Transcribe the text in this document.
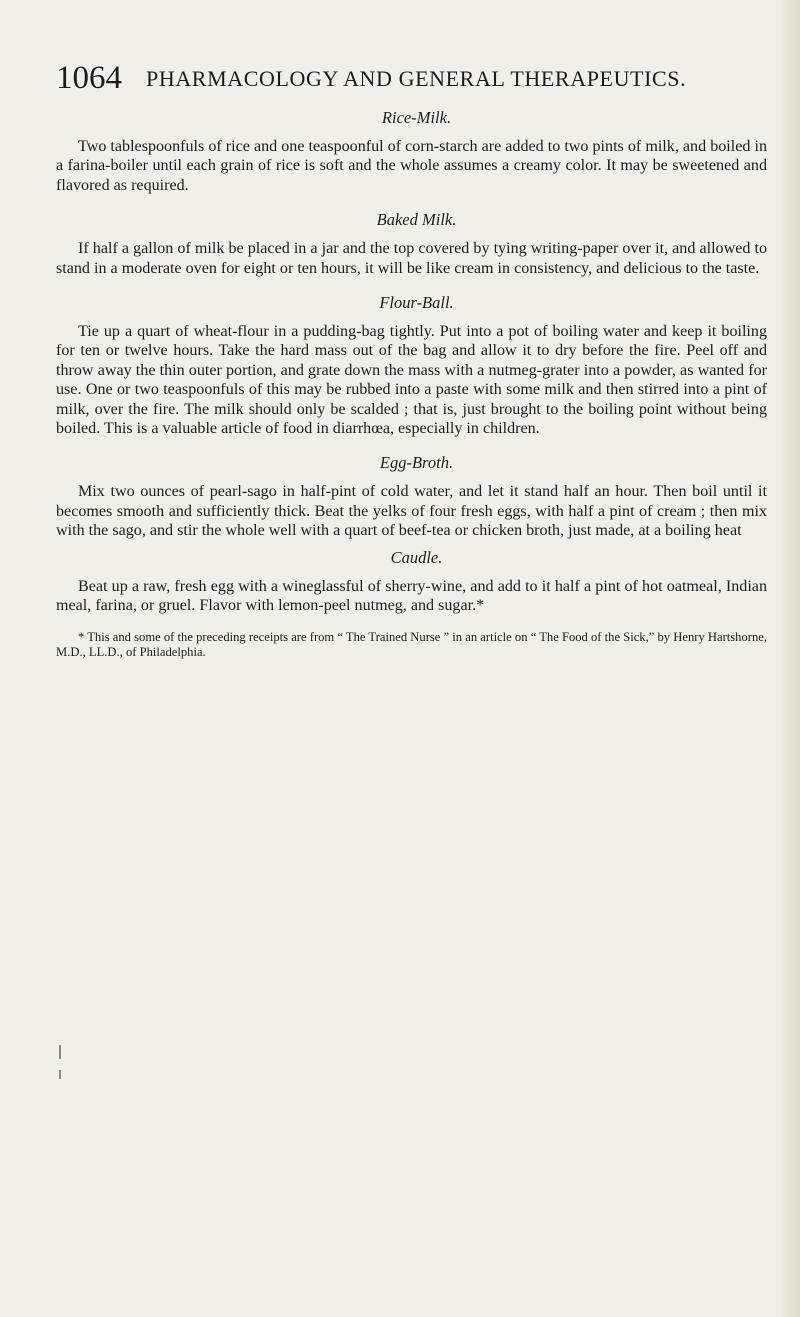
1064 PHARMACOLOGY AND GENERAL THERAPEUTICS.
Rice-Milk.

Two tablespoonfuls of rice and one teaspoonful of corn-starch are added to two pints of milk, and boiled in a farina-boiler until each grain of rice is soft and the whole assumes a creamy color. It may be sweetened and flavored as required.

Baked Milk.

If half a gallon of milk be placed in a jar and the top covered by tying writing-paper over it, and allowed to stand in a moderate oven for eight or ten hours, it will be like cream in consistency, and delicious to the taste.

Flour-Ball.

Tie up a quart of wheat-flour in a pudding-bag tightly. Put into a pot of boiling water and keep it boiling for ten or twelve hours. Take the hard mass out of the bag and allow it to dry before the fire. Peel off and throw away the thin outer portion, and grate down the mass with a nutmeg-grater into a powder, as wanted for use. One or two teaspoonfuls of this may be rubbed into a paste with some milk and then stirred into a pint of milk, over the fire. The milk should only be scalded ; that is, just brought to the boiling point without being boiled. This is a valuable article of food in diarrhœa, especially in children.

Egg-Broth.

Mix two ounces of pearl-sago in half-pint of cold water, and let it stand half an hour. Then boil until it becomes smooth and sufficiently thick. Beat the yelks of four fresh eggs, with half a pint of cream ; then mix with the sago, and stir the whole well with a quart of beef-tea or chicken broth, just made, at a boiling heat

Caudle.

Beat up a raw, fresh egg with a wineglassful of sherry-wine, and add to it half a pint of hot oatmeal, Indian meal, farina, or gruel. Flavor with lemon-peel nutmeg, and sugar.*

* This and some of the preceding receipts are from “ The Trained Nurse ” in an article on “ The Food of the Sick,” by Henry Hartshorne, M.D., LL.D., of Philadelphia.
